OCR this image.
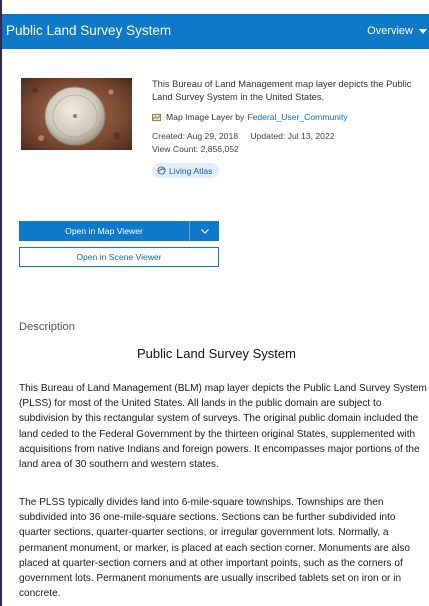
Public Land Survey System	Overview
This Bureau of Land Management map layer depicts the Public Land Survey System in the United States.
Map Image Layer by Federal_User_Community
Created: Aug 29, 2018 Updated: Jul 13, 2022
View Count: 2,856,052
Living Atlas
Open in Map Viewer
Open in Scene Viewer
Description
Public Land Survey System

This Bureau of Land Management (BLM) map layer depicts the Public Land Survey System (PLSS) for most of the United States. All lands in the public domain are subject to subdivision by this rectangular system of surveys. The original public domain included the land ceded to the Federal Government by the thirteen original States, supplemented with acquisitions from native Indians and foreign powers. It encompasses major portions of the land area of 30 southern and western states.

The PLSS typically divides land into 6-mile-square townships. Townships are then subdivided into 36 one-mile-square sections. Sections can be further subdivided into quarter sections, quarter-quarter sections, or irregular government lots. Normally, a permanent monument, or marker, is placed at each section corner. Monuments are also placed at quarter-section corners and at other important points, such as the corners of government lots. Permanent monuments are usually inscribed tablets set on iron or in concrete.
